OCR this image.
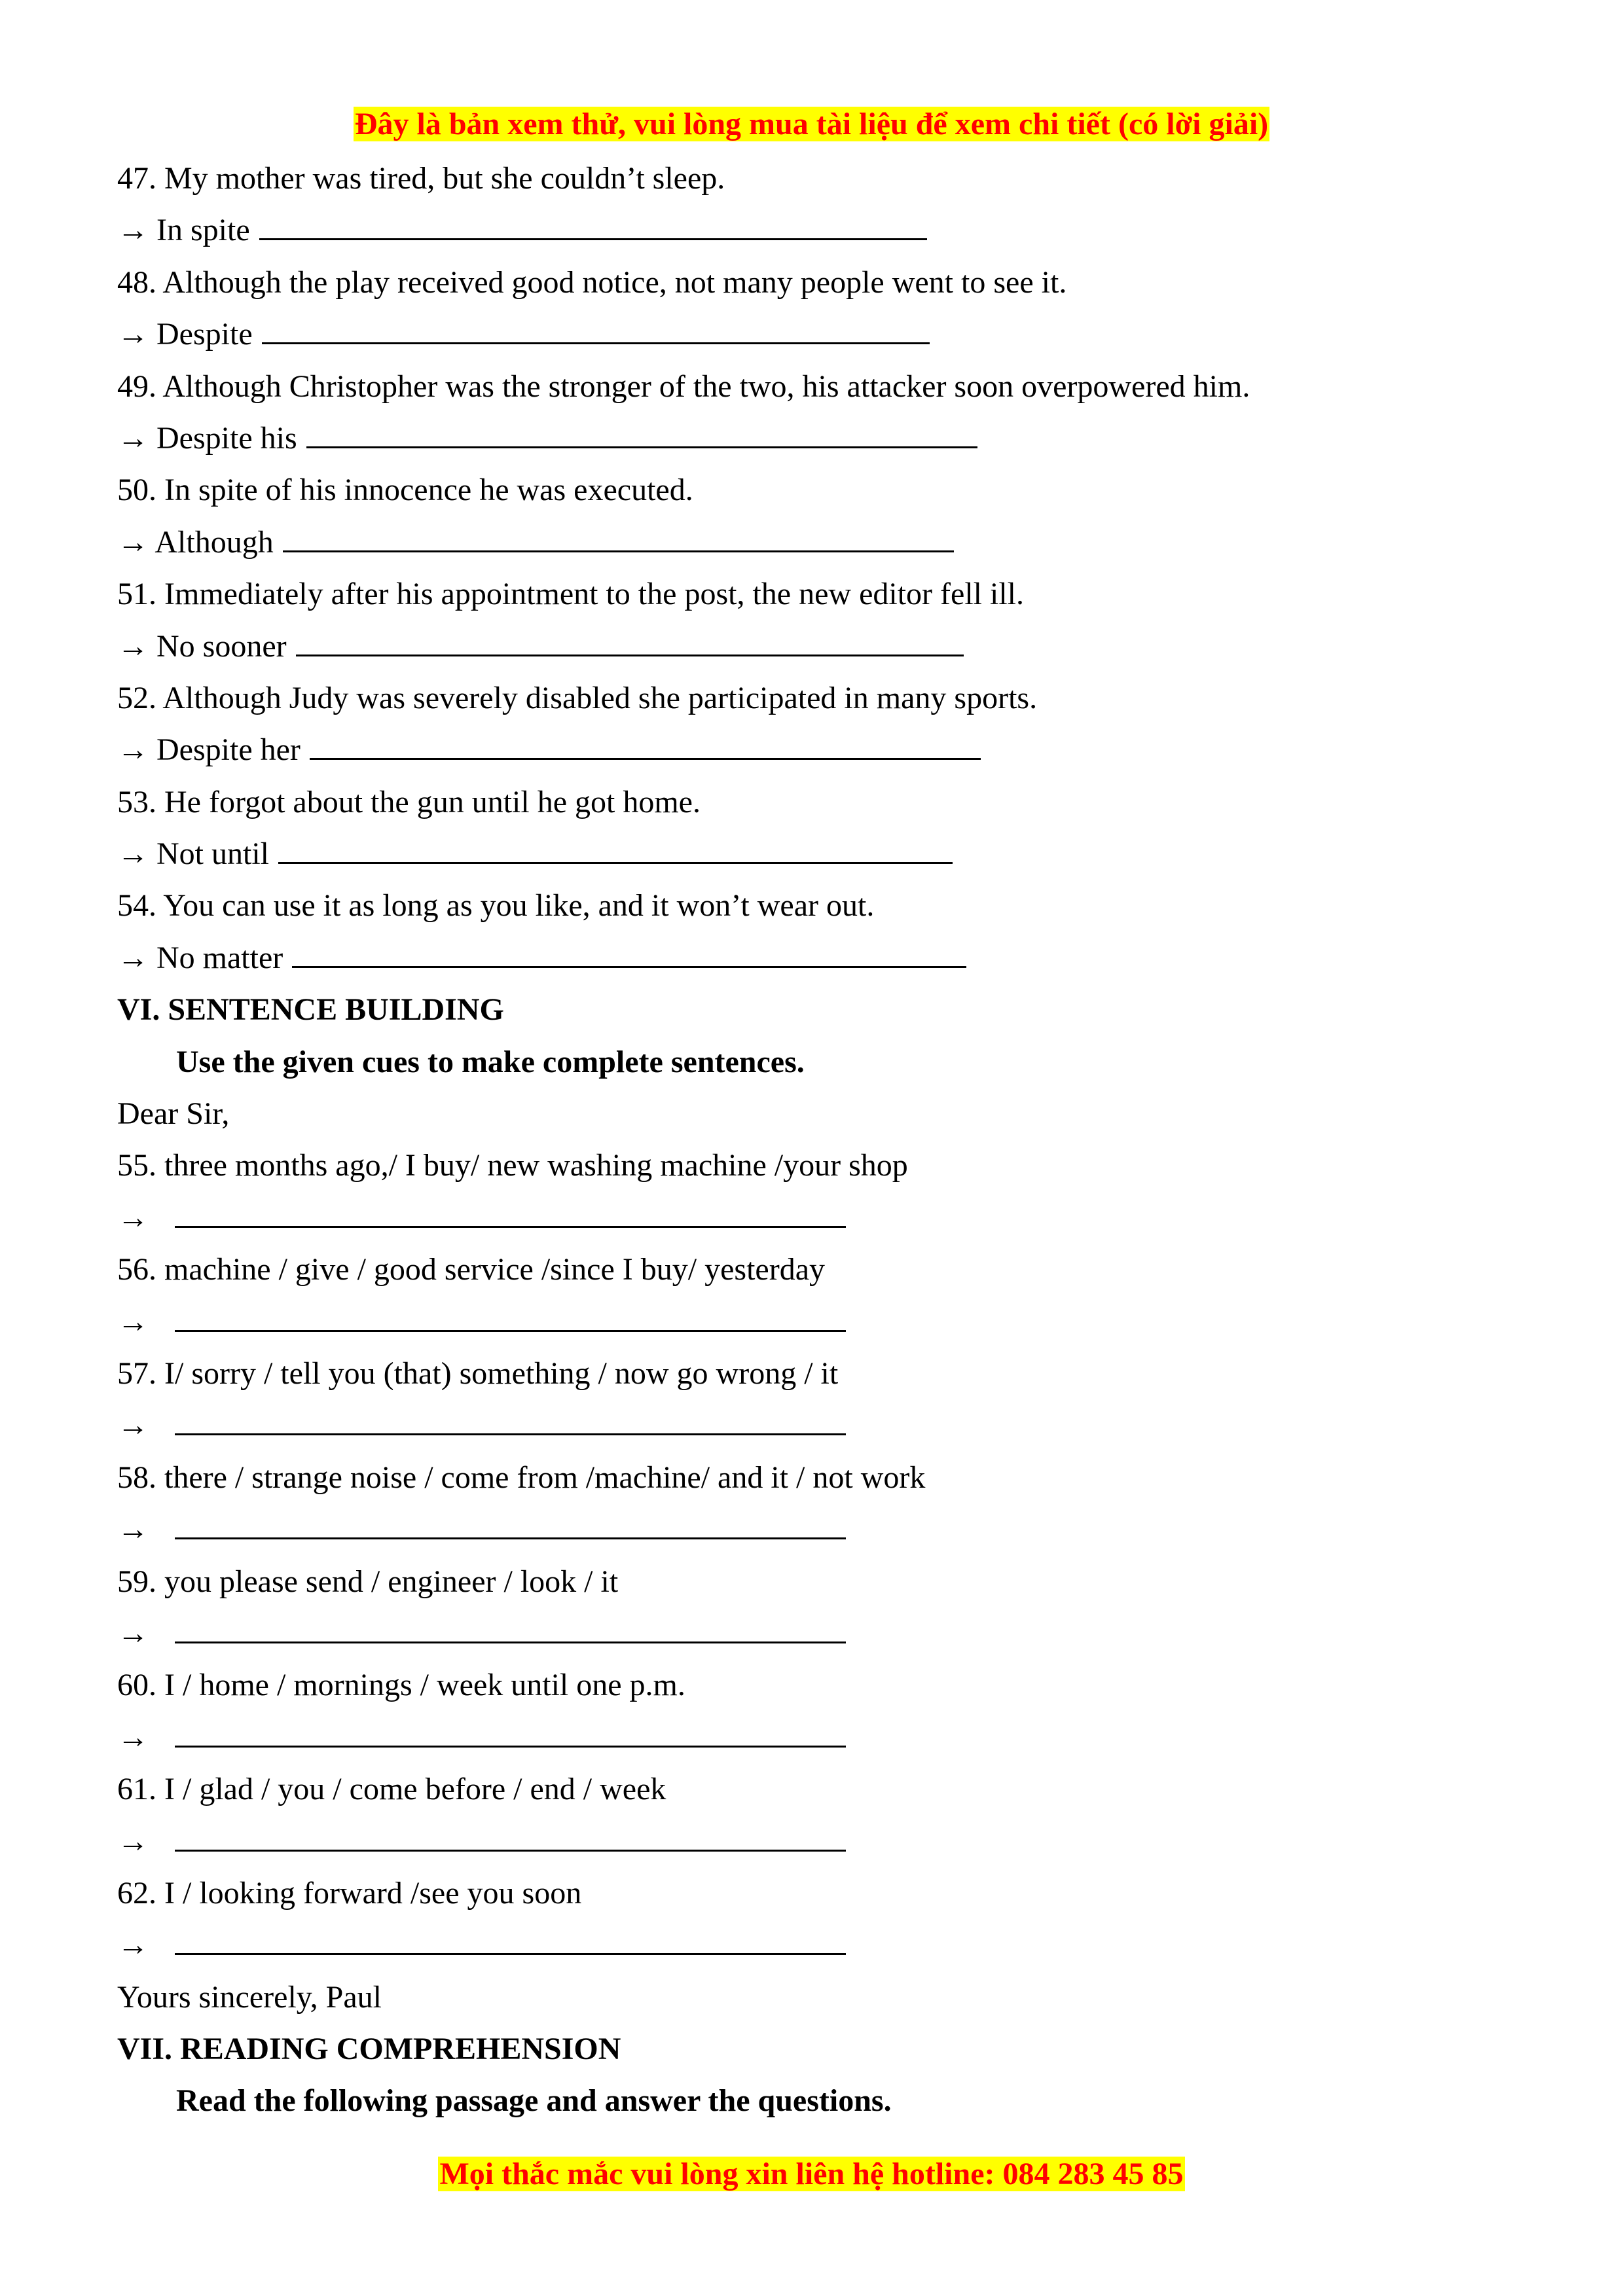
Đây là bản xem thử, vui lòng mua tài liệu để xem chi tiết (có lời giải)
47. My mother was tired, but she couldn’t sleep.
→ In spite
48. Although the play received good notice, not many people went to see it.
→ Despite
49. Although Christopher was the stronger of the two, his attacker soon overpowered him.
→ Despite his
50. In spite of his innocence he was executed.
→ Although
51. Immediately after his appointment to the post, the new editor fell ill.
→ No sooner
52. Although Judy was severely disabled she participated in many sports.
→ Despite her
53. He forgot about the gun until he got home.
→ Not until
54. You can use it as long as you like, and it won’t wear out.
→ No matter
VI. SENTENCE BUILDING
Use the given cues to make complete sentences.
Dear Sir,
55. three months ago,/ I buy/ new washing machine /your shop
→
56. machine / give / good service /since I buy/ yesterday
→
57. I/ sorry / tell you (that) something / now go wrong / it
→
58. there / strange noise / come from /machine/ and it / not work
→
59. you please send / engineer / look / it
→
60. I / home / mornings / week until one p.m.
→
61. I / glad / you / come before / end / week
→
62. I / looking forward /see you soon
→
Yours sincerely, Paul
VII. READING COMPREHENSION
Read the following passage and answer the questions.
Mọi thắc mắc vui lòng xin liên hệ hotline: 084 283 45 85
